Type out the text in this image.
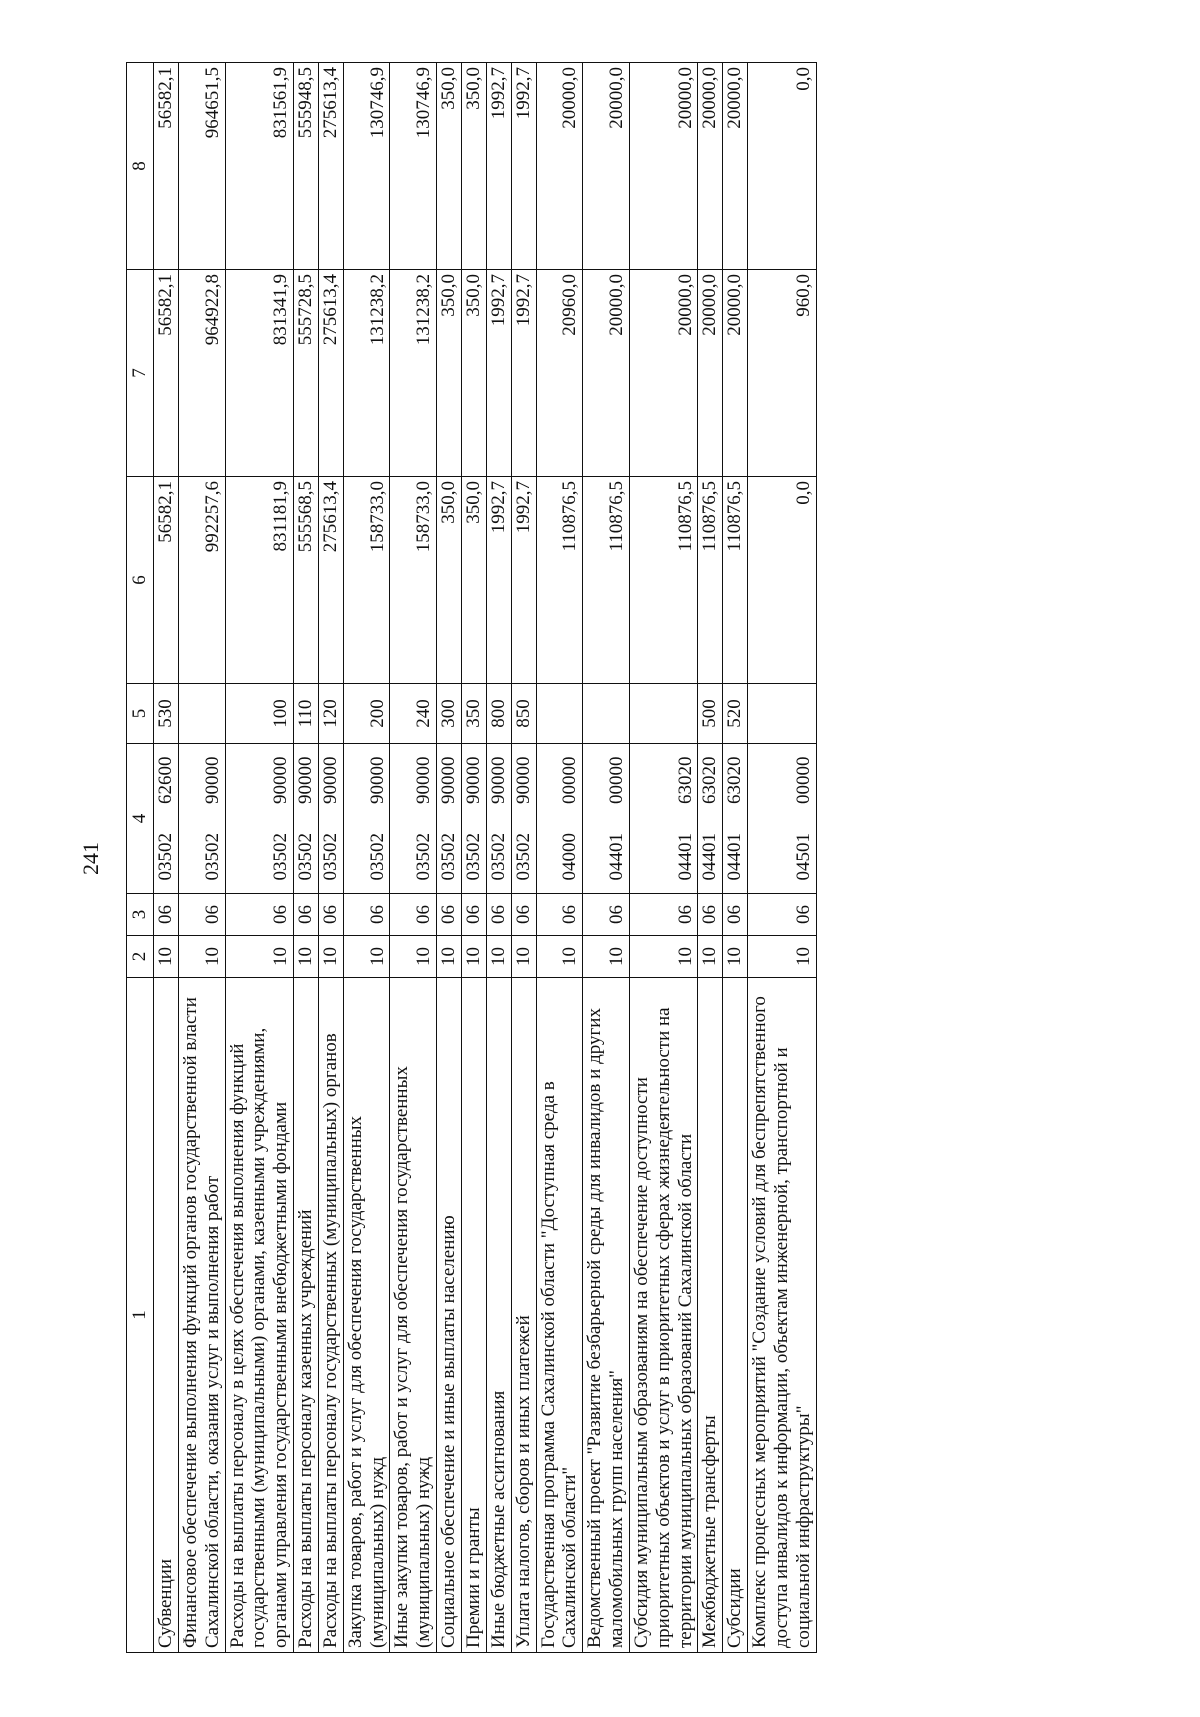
241
1	2	3	4	5	6	7	8
Субвенции	10	06	0350262600	530	56582,1	56582,1	56582,1
Финансовое обеспечение выполнения функций органов государственной власти Сахалинской области, оказания услуг и выполнения работ	10	06	0350290000		992257,6	964922,8	964651,5
Расходы на выплаты персоналу в целях обеспечения выполнения функций государственными (муниципальными) органами, казенными учреждениями, органами управления государственными внебюджетными фондами	10	06	0350290000	100	831181,9	831341,9	831561,9
Расходы на выплаты персоналу казенных учреждений	10	06	0350290000	110	555568,5	555728,5	555948,5
Расходы на выплаты персоналу государственных (муниципальных) органов	10	06	0350290000	120	275613,4	275613,4	275613,4
Закупка товаров, работ и услуг для обеспечения государственных (муниципальных) нужд	10	06	0350290000	200	158733,0	131238,2	130746,9
Иные закупки товаров, работ и услуг для обеспечения государственных (муниципальных) нужд	10	06	0350290000	240	158733,0	131238,2	130746,9
Социальное обеспечение и иные выплаты населению	10	06	0350290000	300	350,0	350,0	350,0
Премии и гранты	10	06	0350290000	350	350,0	350,0	350,0
Иные бюджетные ассигнования	10	06	0350290000	800	1992,7	1992,7	1992,7
Уплата налогов, сборов и иных платежей	10	06	0350290000	850	1992,7	1992,7	1992,7
Государственная программа Сахалинской области "Доступная среда в Сахалинской области"	10	06	0400000000		110876,5	20960,0	20000,0
Ведомственный проект "Развитие безбарьерной среды для инвалидов и других маломобильных групп населения"	10	06	0440100000		110876,5	20000,0	20000,0
Субсидия муниципальным образованиям на обеспечение доступности приоритетных объектов и услуг в приоритетных сферах жизнедеятельности на территории муниципальных образований Сахалинской области	10	06	0440163020		110876,5	20000,0	20000,0
Межбюджетные трансферты	10	06	0440163020	500	110876,5	20000,0	20000,0
Субсидии	10	06	0440163020	520	110876,5	20000,0	20000,0
Комплекс процессных мероприятий "Создание условий для беспрепятственного доступа инвалидов к информации, объектам инженерной, транспортной и социальной инфраструктуры"	10	06	0450100000		0,0	960,0	0,0
